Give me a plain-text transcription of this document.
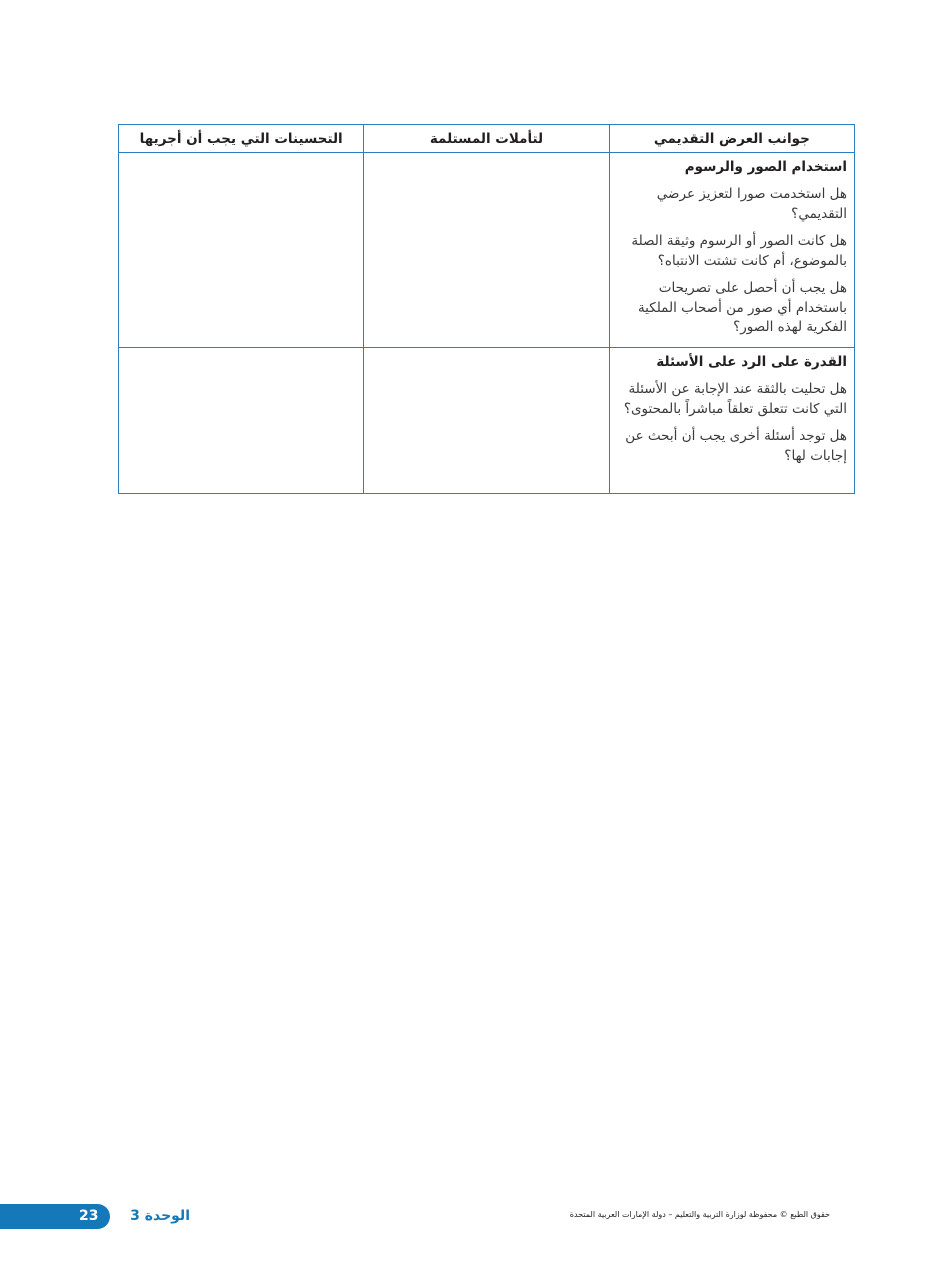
جوانب العرض التقديمي	لتأملات المستلمة	التحسينات التي يجب أن أجريها

استخدام الصور والرسوم
هل استخدمت صورا لتعزيز عرضي التقديمي؟
هل كانت الصور أو الرسوم وثيقة الصلة بالموضوع، أم كانت تشتت الانتباه؟
هل يجب أن أحصل على تصريحات باستخدام أي صور من أصحاب الملكية الفكرية لهذه الصور؟		

القدرة على الرد على الأسئلة
هل تحليت بالثقة عند الإجابة عن الأسئلة التي كانت تتعلق تعلقاً مباشراً بالمحتوى؟
هل توجد أسئلة أخرى يجب أن أبحث عن إجابات لها؟		

23	الوحدة 3	حقوق الطبع © محفوظة لوزارة التربية والتعليم – دولة الإمارات العربية المتحدة
